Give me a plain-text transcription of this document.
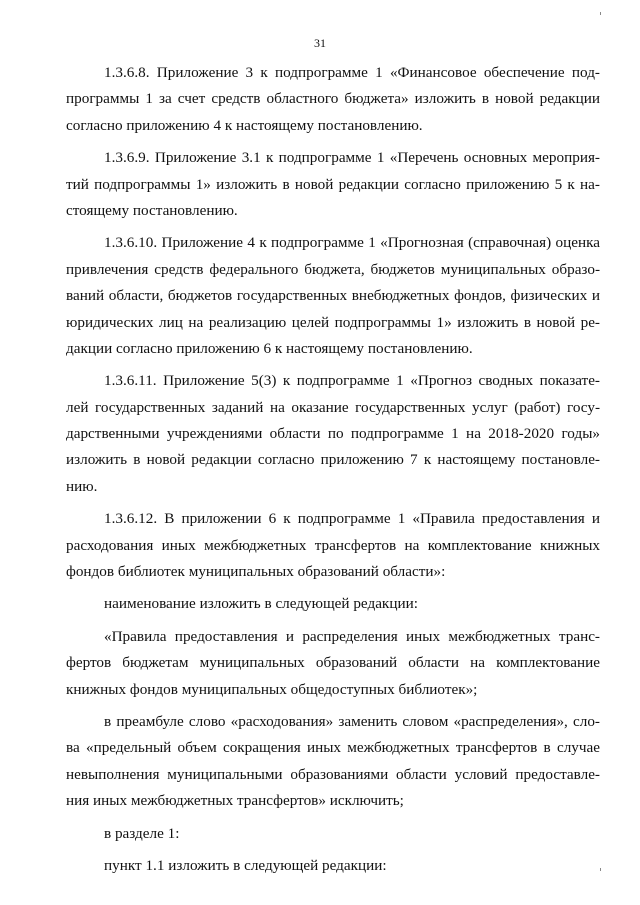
31
1.3.6.8. Приложение 3 к подпрограмме 1 «Финансовое обеспечение под-
программы 1 за счет средств областного бюджета» изложить в новой редакции
согласно приложению 4 к настоящему постановлению.
1.3.6.9. Приложение 3.1 к подпрограмме 1 «Перечень основных мероприя-
тий подпрограммы 1» изложить в новой редакции согласно приложению 5 к на-
стоящему постановлению.
1.3.6.10. Приложение 4 к подпрограмме 1 «Прогнозная (справочная) оценка
привлечения средств федерального бюджета, бюджетов муниципальных образо-
ваний области, бюджетов государственных внебюджетных фондов, физических и
юридических лиц на реализацию целей подпрограммы 1» изложить в новой ре-
дакции согласно приложению 6 к настоящему постановлению.
1.3.6.11. Приложение 5(3) к подпрограмме 1 «Прогноз сводных показате-
лей государственных заданий на оказание государственных услуг (работ) госу-
дарственными учреждениями области по подпрограмме 1 на 2018-2020 годы»
изложить в новой редакции согласно приложению 7 к настоящему постановле-
нию.
1.3.6.12. В приложении 6 к подпрограмме 1 «Правила предоставления и
расходования иных межбюджетных трансфертов на комплектование книжных
фондов библиотек муниципальных образований области»:
наименование изложить в следующей редакции:
«Правила предоставления и распределения иных межбюджетных транс-
фертов бюджетам муниципальных образований области на комплектование
книжных фондов муниципальных общедоступных библиотек»;
в преамбуле слово «расходования» заменить словом «распределения», сло-
ва «предельный объем сокращения иных межбюджетных трансфертов в случае
невыполнения муниципальными образованиями области условий предоставле-
ния иных межбюджетных трансфертов» исключить;
в разделе 1:
пункт 1.1 изложить в следующей редакции:
